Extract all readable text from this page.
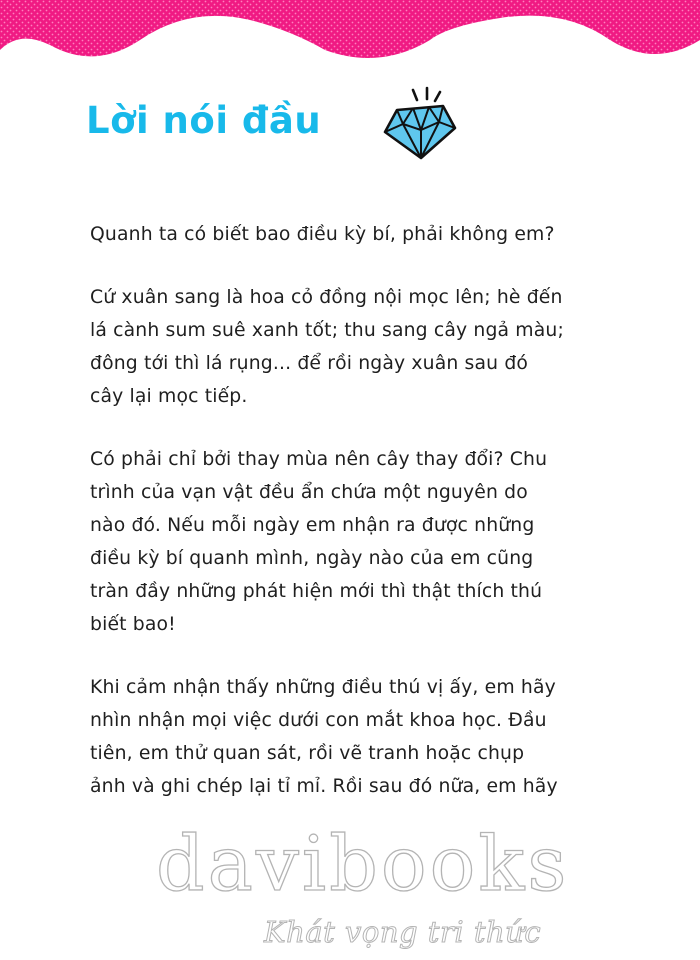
Lời nói đầu

Quanh ta có biết bao điều kỳ bí, phải không em?

Cứ xuân sang là hoa cỏ đồng nội mọc lên; hè đến
lá cành sum suê xanh tốt; thu sang cây ngả màu;
đông tới thì lá rụng... để rồi ngày xuân sau đó
cây lại mọc tiếp.

Có phải chỉ bởi thay mùa nên cây thay đổi? Chu
trình của vạn vật đều ẩn chứa một nguyên do
nào đó. Nếu mỗi ngày em nhận ra được những
điều kỳ bí quanh mình, ngày nào của em cũng
tràn đầy những phát hiện mới thì thật thích thú
biết bao!

Khi cảm nhận thấy những điều thú vị ấy, em hãy
nhìn nhận mọi việc dưới con mắt khoa học. Đầu
tiên, em thử quan sát, rồi vẽ tranh hoặc chụp
ảnh và ghi chép lại tỉ mỉ. Rồi sau đó nữa, em hãy

davibooks

Khát vọng tri thức
